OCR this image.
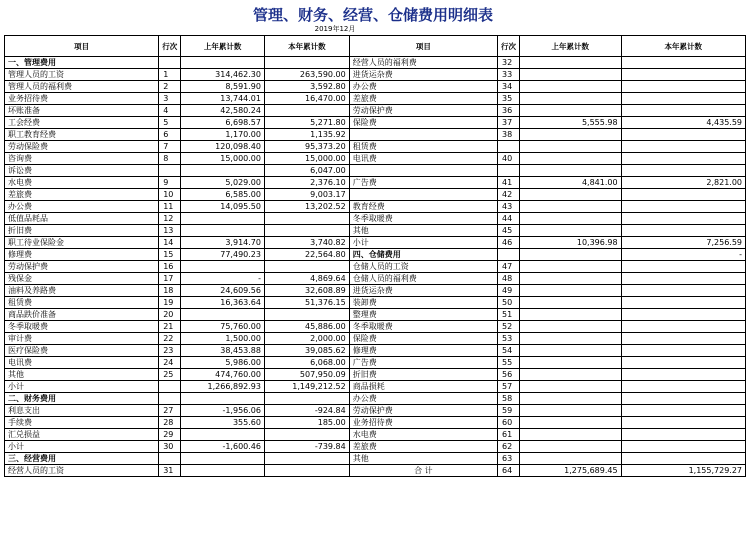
管理、财务、经营、仓储费用明细表
2019年12月
项目	行次	上年累计数	本年累计数	项目	行次	上年累计数	本年累计数
一、管理费用				经营人员的福利费	32		
管理人员的工资	1	314,462.30	263,590.00	进货运杂费	33		
管理人员的福利费	2	8,591.90	3,592.80	办公费	34		
业务招待费	3	13,744.01	16,470.00	差旅费	35		
坏账准备	4	42,580.24		劳动保护费	36		
工会经费	5	6,698.57	5,271.80	保险费	37	5,555.98	4,435.59
职工教育经费	6	1,170.00	1,135.92		38		
劳动保险费	7	120,098.40	95,373.20	租赁费			
咨询费	8	15,000.00	15,000.00	电讯费	40		
诉讼费			6,047.00				
水电费	9	5,029.00	2,376.10	广告费	41	4,841.00	2,821.00
差旅费	10	6,585.00	9,003.17		42		
办公费	11	14,095.50	13,202.52	教育经费	43		
低值品耗品	12			冬季取暖费	44		
折旧费	13			其他	45		
职工待业保险金	14	3,914.70	3,740.82	小计	46	10,396.98	7,256.59
修理费	15	77,490.23	22,564.80	四、仓储费用			-
劳动保护费	16			仓储人员的工资	47		
残保金	17	-	4,869.64	仓储人员的福利费	48		
油料及养路费	18	24,609.56	32,608.89	进货运杂费	49		
租赁费	19	16,363.64	51,376.15	装卸费	50		
商品跌价准备	20			整理费	51		
冬季取暖费	21	75,760.00	45,886.00	冬季取暖费	52		
审计费	22	1,500.00	2,000.00	保险费	53		
医疗保险费	23	38,453.88	39,085.62	修理费	54		
电讯费	24	5,986.00	6,068.00	广告费	55		
其他	25	474,760.00	507,950.09	折旧费	56		
小计		1,266,892.93	1,149,212.52	商品损耗	57		
二、财务费用				办公费	58		
利息支出	27	-1,956.06	-924.84	劳动保护费	59		
手续费	28	355.60	185.00	业务招待费	60		
汇兑损益	29			水电费	61		
小计	30	-1,600.46	-739.84	差旅费	62		
三、经营费用				其他	63		
经营人员的工资	31			合 计	64	1,275,689.45	1,155,729.27
